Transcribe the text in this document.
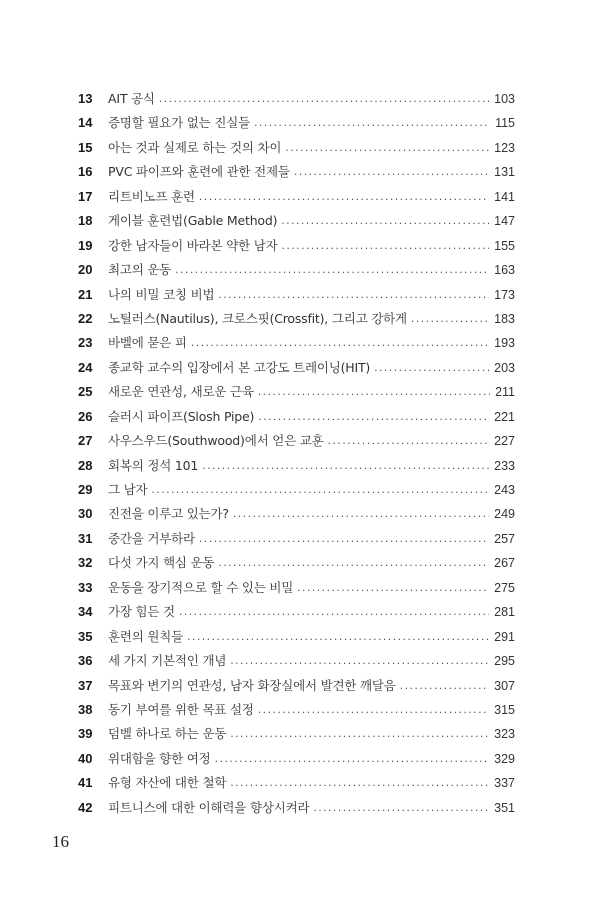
13	AIT 공식 .....	103
14	증명할 필요가 없는 진실들 .....	115
15	아는 것과 실제로 하는 것의 차이 .....	123
16	PVC 파이프와 훈련에 관한 전제들 .....	131
17	리트비노프 훈련 .....	141
18	게이블 훈련법(Gable Method) .....	147
19	강한 남자들이 바라본 약한 남자 .....	155
20	최고의 운동 .....	163
21	나의 비밀 코칭 비법 .....	173
22	노틸러스(Nautilus), 크로스핏(Crossfit), 그리고 강하게 .....	183
23	바벨에 묻은 피 .....	193
24	종교학 교수의 입장에서 본 고강도 트레이닝(HIT) .....	203
25	새로운 연관성, 새로운 근육 .....	211
26	슬러시 파이프(Slosh Pipe) .....	221
27	사우스우드(Southwood)에서 얻은 교훈 .....	227
28	회복의 정석 101 .....	233
29	그 남자 .....	243
30	진전을 이루고 있는가? .....	249
31	중간을 거부하라 .....	257
32	다섯 가지 핵심 운동 .....	267
33	운동을 장기적으로 할 수 있는 비밀 .....	275
34	가장 힘든 것 .....	281
35	훈련의 원칙들 .....	291
36	세 가지 기본적인 개념 .....	295
37	목표와 변기의 연관성, 남자 화장실에서 발견한 깨달음 .....	307
38	동기 부여를 위한 목표 설정 .....	315
39	덤벨 하나로 하는 운동 .....	323
40	위대함을 향한 여정 .....	329
41	유형 자산에 대한 철학 .....	337
42	피트니스에 대한 이해력을 향상시켜라 .....	351
16
